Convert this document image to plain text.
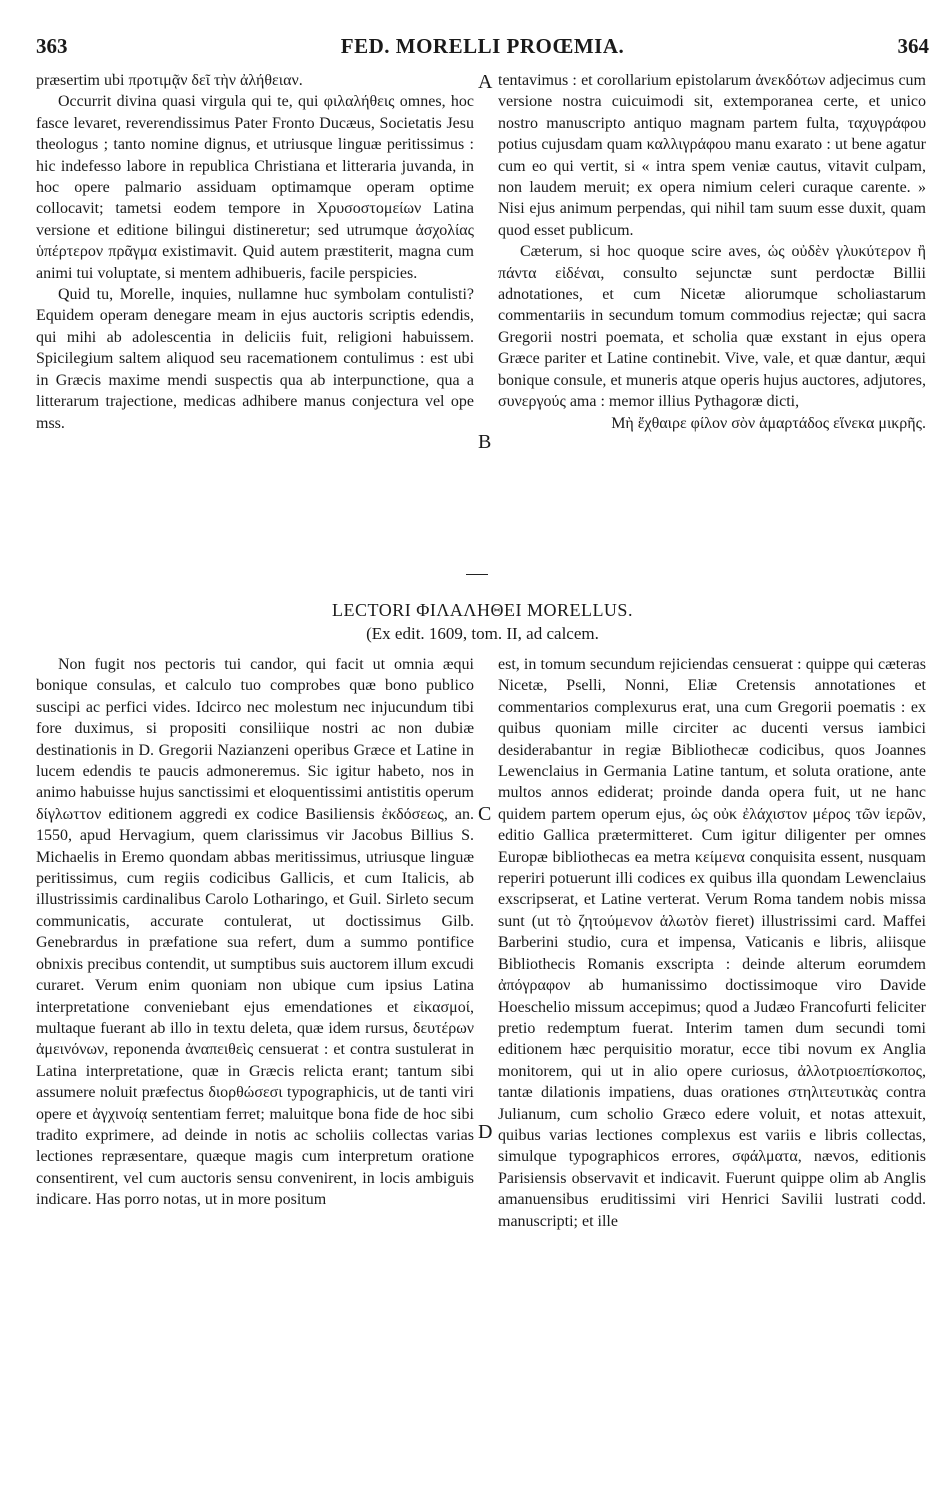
363	FED. MORELLI PROŒMIA.	364

præsertim ubi προτιμᾷν δεῖ τὴν ἀλήθειαν.

Occurrit divina quasi virgula qui te, qui φιλαλήθεις omnes, hoc fasce levaret, reverendissimus Pater Fronto Ducæus, Societatis Jesu theologus ; tanto nomine dignus, et utriusque linguæ peritissimus : hic indefesso labore in republica Christiana et litteraria juvanda, in hoc opere palmario assiduam optimamque operam optime collocavit; tametsi eodem tempore in Χρυσοστομείων Latina versione et editione bilingui distineretur; sed utrumque ἀσχολίας ὑπέρτερον πρᾶγμα existimavit. Quid autem præstiterit, magna cum animi tui voluptate, si mentem adhibueris, facile perspicies.

Quid tu, Morelle, inquies, nullamne huc symbolam contulisti? Equidem operam denegare meam in ejus auctoris scriptis edendis, qui mihi ab adolescentia in deliciis fuit, religioni habuissem. Spicilegium saltem aliquod seu racemationem contulimus : est ubi in Græcis maxime mendi suspectis qua ab interpunctione, qua a litterarum trajectione, medicas adhibere manus conjectura vel ope mss.

tentavimus : et corollarium epistolarum ἀνεκδότων adjecimus cum versione nostra cuicuimodi sit, extemporanea certe, et unico nostro manuscripto antiquo magnam partem fulta, ταχυγράφου potius cujusdam quam καλλιγράφου manu exarato : ut bene agatur cum eo qui vertit, si « intra spem veniæ cautus, vitavit culpam, non laudem meruit; ex opera nimium celeri curaque carente. » Nisi ejus animum perpendas, qui nihil tam suum esse duxit, quam quod esset publicum.

Cæterum, si hoc quoque scire aves, ὡς οὐδὲν γλυκύτερον ἢ πάντα εἰδέναι, consulto sejunctæ sunt perdoctæ Billii adnotationes, et cum Nicetæ aliorumque scholiastarum commentariis in secundum tomum commodius rejectæ; qui sacra Gregorii nostri poemata, et scholia quæ exstant in ejus opera Græce pariter et Latine continebit. Vive, vale, et quæ dantur, æqui bonique consule, et muneris atque operis hujus auctores, adjutores, συνεργούς ama : memor illius Pythagoræ dicti,

Μὴ ἔχθαιρε φίλον σὸν ἁμαρτάδος εἵνεκα μικρῆς.

LECTORI ΦΙΛΑΛΗΘΕΙ MORELLUS.
(Ex edit. 1609, tom. II, ad calcem.

Non fugit nos pectoris tui candor, qui facit ut omnia æqui bonique consulas, et calculo tuo comprobes quæ bono publico suscipi ac perfici vides. Idcirco nec molestum nec injucundum tibi fore duximus, si propositi consiliique nostri ac non dubiæ destinationis in D. Gregorii Nazianzeni operibus Græce et Latine in lucem edendis te paucis admoneremus. Sic igitur habeto, nos in animo habuisse hujus sanctissimi et eloquentissimi antistitis operum δίγλωττον editionem aggredi ex codice Basiliensis ἐκδόσεως, an. 1550, apud Hervagium, quem clarissimus vir Jacobus Billius S. Michaelis in Eremo quondam abbas meritissimus, utriusque linguæ peritissimus, cum regiis codicibus Gallicis, et cum Italicis, ab illustrissimis cardinalibus Carolo Lotharingo, et Guil. Sirleto secum communicatis, accurate contulerat, ut doctissimus Gilb. Genebrardus in præfatione sua refert, dum a summo pontifice obnixis precibus contendit, ut sumptibus suis auctorem illum excudi curaret. Verum enim quoniam non ubique cum ipsius Latina interpretatione conveniebant ejus emendationes et εἰκασμοί, multaque fuerant ab illo in textu deleta, quæ idem rursus, δευτέρων ἀμεινόνων, reponenda ἀναπειθεὶς censuerat : et contra sustulerat in Latina interpretatione, quæ in Græcis relicta erant; tantum sibi assumere noluit præfectus διορθώσεσι typographicis, ut de tanti viri opere et ἀγχινοίᾳ sententiam ferret; maluitque bona fide de hoc sibi tradito exprimere, ad deinde in notis ac scholiis collectas varias lectiones repræsentare, quæque magis cum interpretum oratione consentirent, vel cum auctoris sensu convenirent, in locis ambiguis indicare. Has porro notas, ut in more positum

est, in tomum secundum rejiciendas censuerat : quippe qui cæteras Nicetæ, Pselli, Nonni, Eliæ Cretensis annotationes et commentarios complexurus erat, una cum Gregorii poematis : ex quibus quoniam mille circiter ac ducenti versus iambici desiderabantur in regiæ Bibliothecæ codicibus, quos Joannes Lewenclaius in Germania Latine tantum, et soluta oratione, ante multos annos ediderat; proinde danda opera fuit, ut ne hanc quidem partem operum ejus, ὡς οὐκ ἐλάχιστον μέρος τῶν ἱερῶν, editio Gallica prætermitteret. Cum igitur diligenter per omnes Europæ bibliothecas ea metra κείμενα conquisita essent, nusquam reperiri potuerunt illi codices ex quibus illa quondam Lewenclaius exscripserat, et Latine verterat. Verum Roma tandem nobis missa sunt (ut τὸ ζητούμενον ἁλωτὸν fieret) illustrissimi card. Maffei Barberini studio, cura et impensa, Vaticanis e libris, aliisque Bibliothecis Romanis exscripta : deinde alterum eorumdem ἀπόγραφον ab humanissimo doctissimoque viro Davide Hoeschelio missum accepimus; quod a Judæo Francofurti feliciter pretio redemptum fuerat. Interim tamen dum secundi tomi editionem hæc perquisitio moratur, ecce tibi novum ex Anglia monitorem, qui ut in alio opere curiosus, ἀλλοτριοεπίσκοπος, tantæ dilationis impatiens, duas orationes στηλιτευτικὰς contra Julianum, cum scholio Græco edere voluit, et notas attexuit, quibus varias lectiones complexus est variis e libris collectas, simulque typographicos errores, σφάλματα, nævos, editionis Parisiensis observavit et indicavit. Fuerunt quippe olim ab Anglis amanuensibus eruditissimi viri Henrici Savilii lustrati codd. manuscripti; et ille

A
B
C
D
